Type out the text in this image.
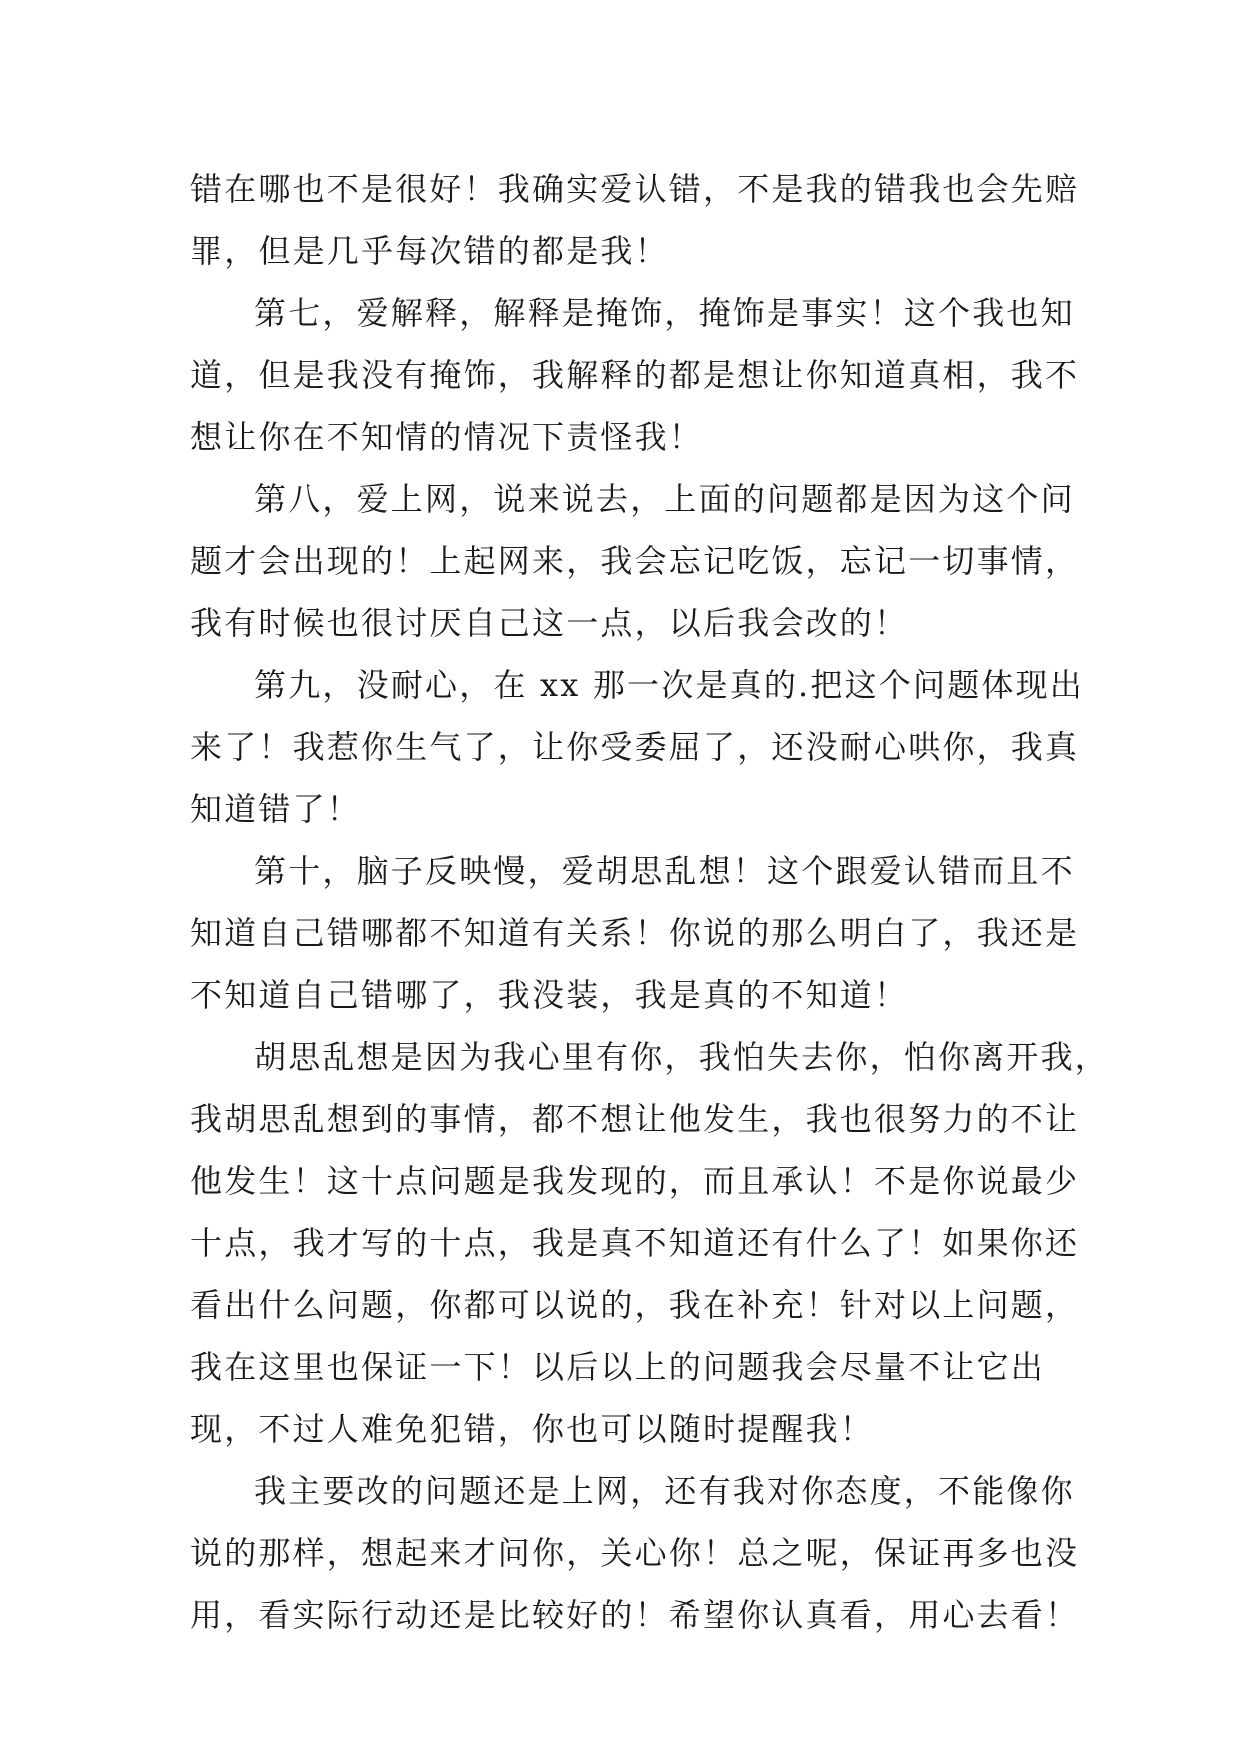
错在哪也不是很好！我确实爱认错，不是我的错我也会先赔
罪，但是几乎每次错的都是我！
第七，爱解释，解释是掩饰，掩饰是事实！这个我也知
道，但是我没有掩饰，我解释的都是想让你知道真相，我不
想让你在不知情的情况下责怪我！
第八，爱上网，说来说去，上面的问题都是因为这个问
题才会出现的！上起网来，我会忘记吃饭，忘记一切事情，
我有时候也很讨厌自己这一点，以后我会改的！
第九，没耐心，在 xx 那一次是真的.把这个问题体现出
来了！我惹你生气了，让你受委屈了，还没耐心哄你，我真
知道错了！
第十，脑子反映慢，爱胡思乱想！这个跟爱认错而且不
知道自己错哪都不知道有关系！你说的那么明白了，我还是
不知道自己错哪了，我没装，我是真的不知道！
胡思乱想是因为我心里有你，我怕失去你，怕你离开我，
我胡思乱想到的事情，都不想让他发生，我也很努力的不让
他发生！这十点问题是我发现的，而且承认！不是你说最少
十点，我才写的十点，我是真不知道还有什么了！如果你还
看出什么问题，你都可以说的，我在补充！针对以上问题，
我在这里也保证一下！以后以上的问题我会尽量不让它出
现，不过人难免犯错，你也可以随时提醒我！
我主要改的问题还是上网，还有我对你态度，不能像你
说的那样，想起来才问你，关心你！总之呢，保证再多也没
用，看实际行动还是比较好的！希望你认真看，用心去看！
